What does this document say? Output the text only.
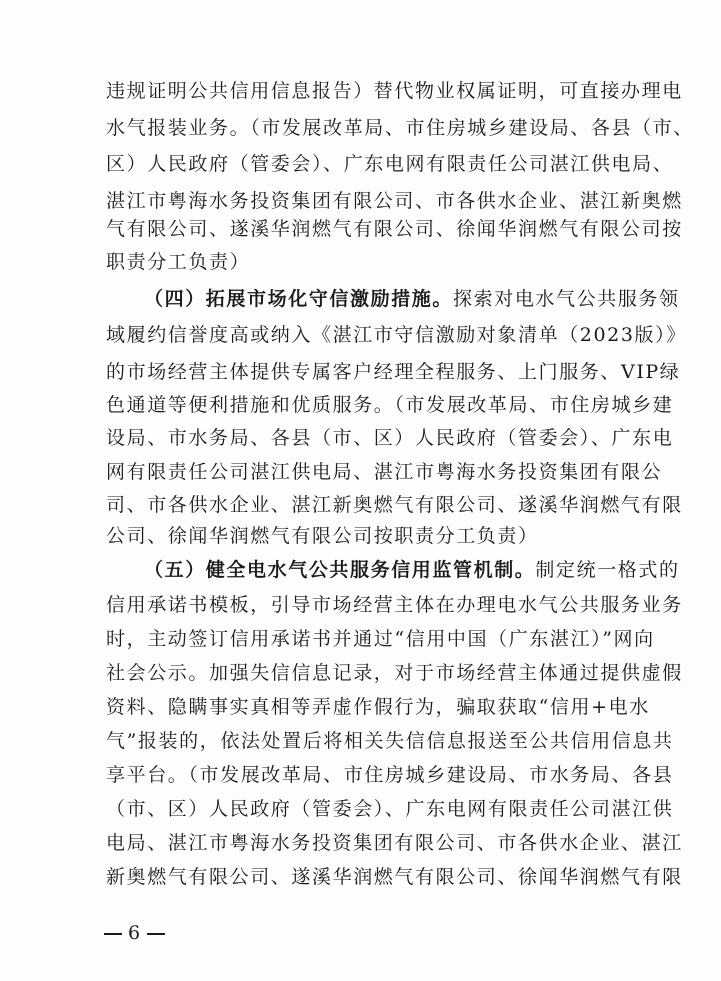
违规证明公共信用信息报告）替代物业权属证明，可直接办理电
水气报装业务。（市发展改革局、市住房城乡建设局、各县（市、
区）人民政府（管委会）、广东电网有限责任公司湛江供电局、
湛江市粤海水务投资集团有限公司、市各供水企业、湛江新奥燃
气有限公司、遂溪华润燃气有限公司、徐闻华润燃气有限公司按
职责分工负责）
（四）拓展市场化守信激励措施。探索对电水气公共服务领
域履约信誉度高或纳入《湛江市守信激励对象清单（2023版）》
的市场经营主体提供专属客户经理全程服务、上门服务、VIP绿
色通道等便利措施和优质服务。（市发展改革局、市住房城乡建
设局、市水务局、各县（市、区）人民政府（管委会）、广东电
网有限责任公司湛江供电局、湛江市粤海水务投资集团有限公
司、市各供水企业、湛江新奥燃气有限公司、遂溪华润燃气有限
公司、徐闻华润燃气有限公司按职责分工负责）
（五）健全电水气公共服务信用监管机制。制定统一格式的
信用承诺书模板，引导市场经营主体在办理电水气公共服务业务
时，主动签订信用承诺书并通过“信用中国（广东湛江）”网向
社会公示。加强失信信息记录，对于市场经营主体通过提供虚假
资料、隐瞒事实真相等弄虚作假行为，骗取获取“信用+电水
气”报装的，依法处置后将相关失信信息报送至公共信用信息共
享平台。（市发展改革局、市住房城乡建设局、市水务局、各县
（市、区）人民政府（管委会）、广东电网有限责任公司湛江供
电局、湛江市粤海水务投资集团有限公司、市各供水企业、湛江
新奥燃气有限公司、遂溪华润燃气有限公司、徐闻华润燃气有限
6
